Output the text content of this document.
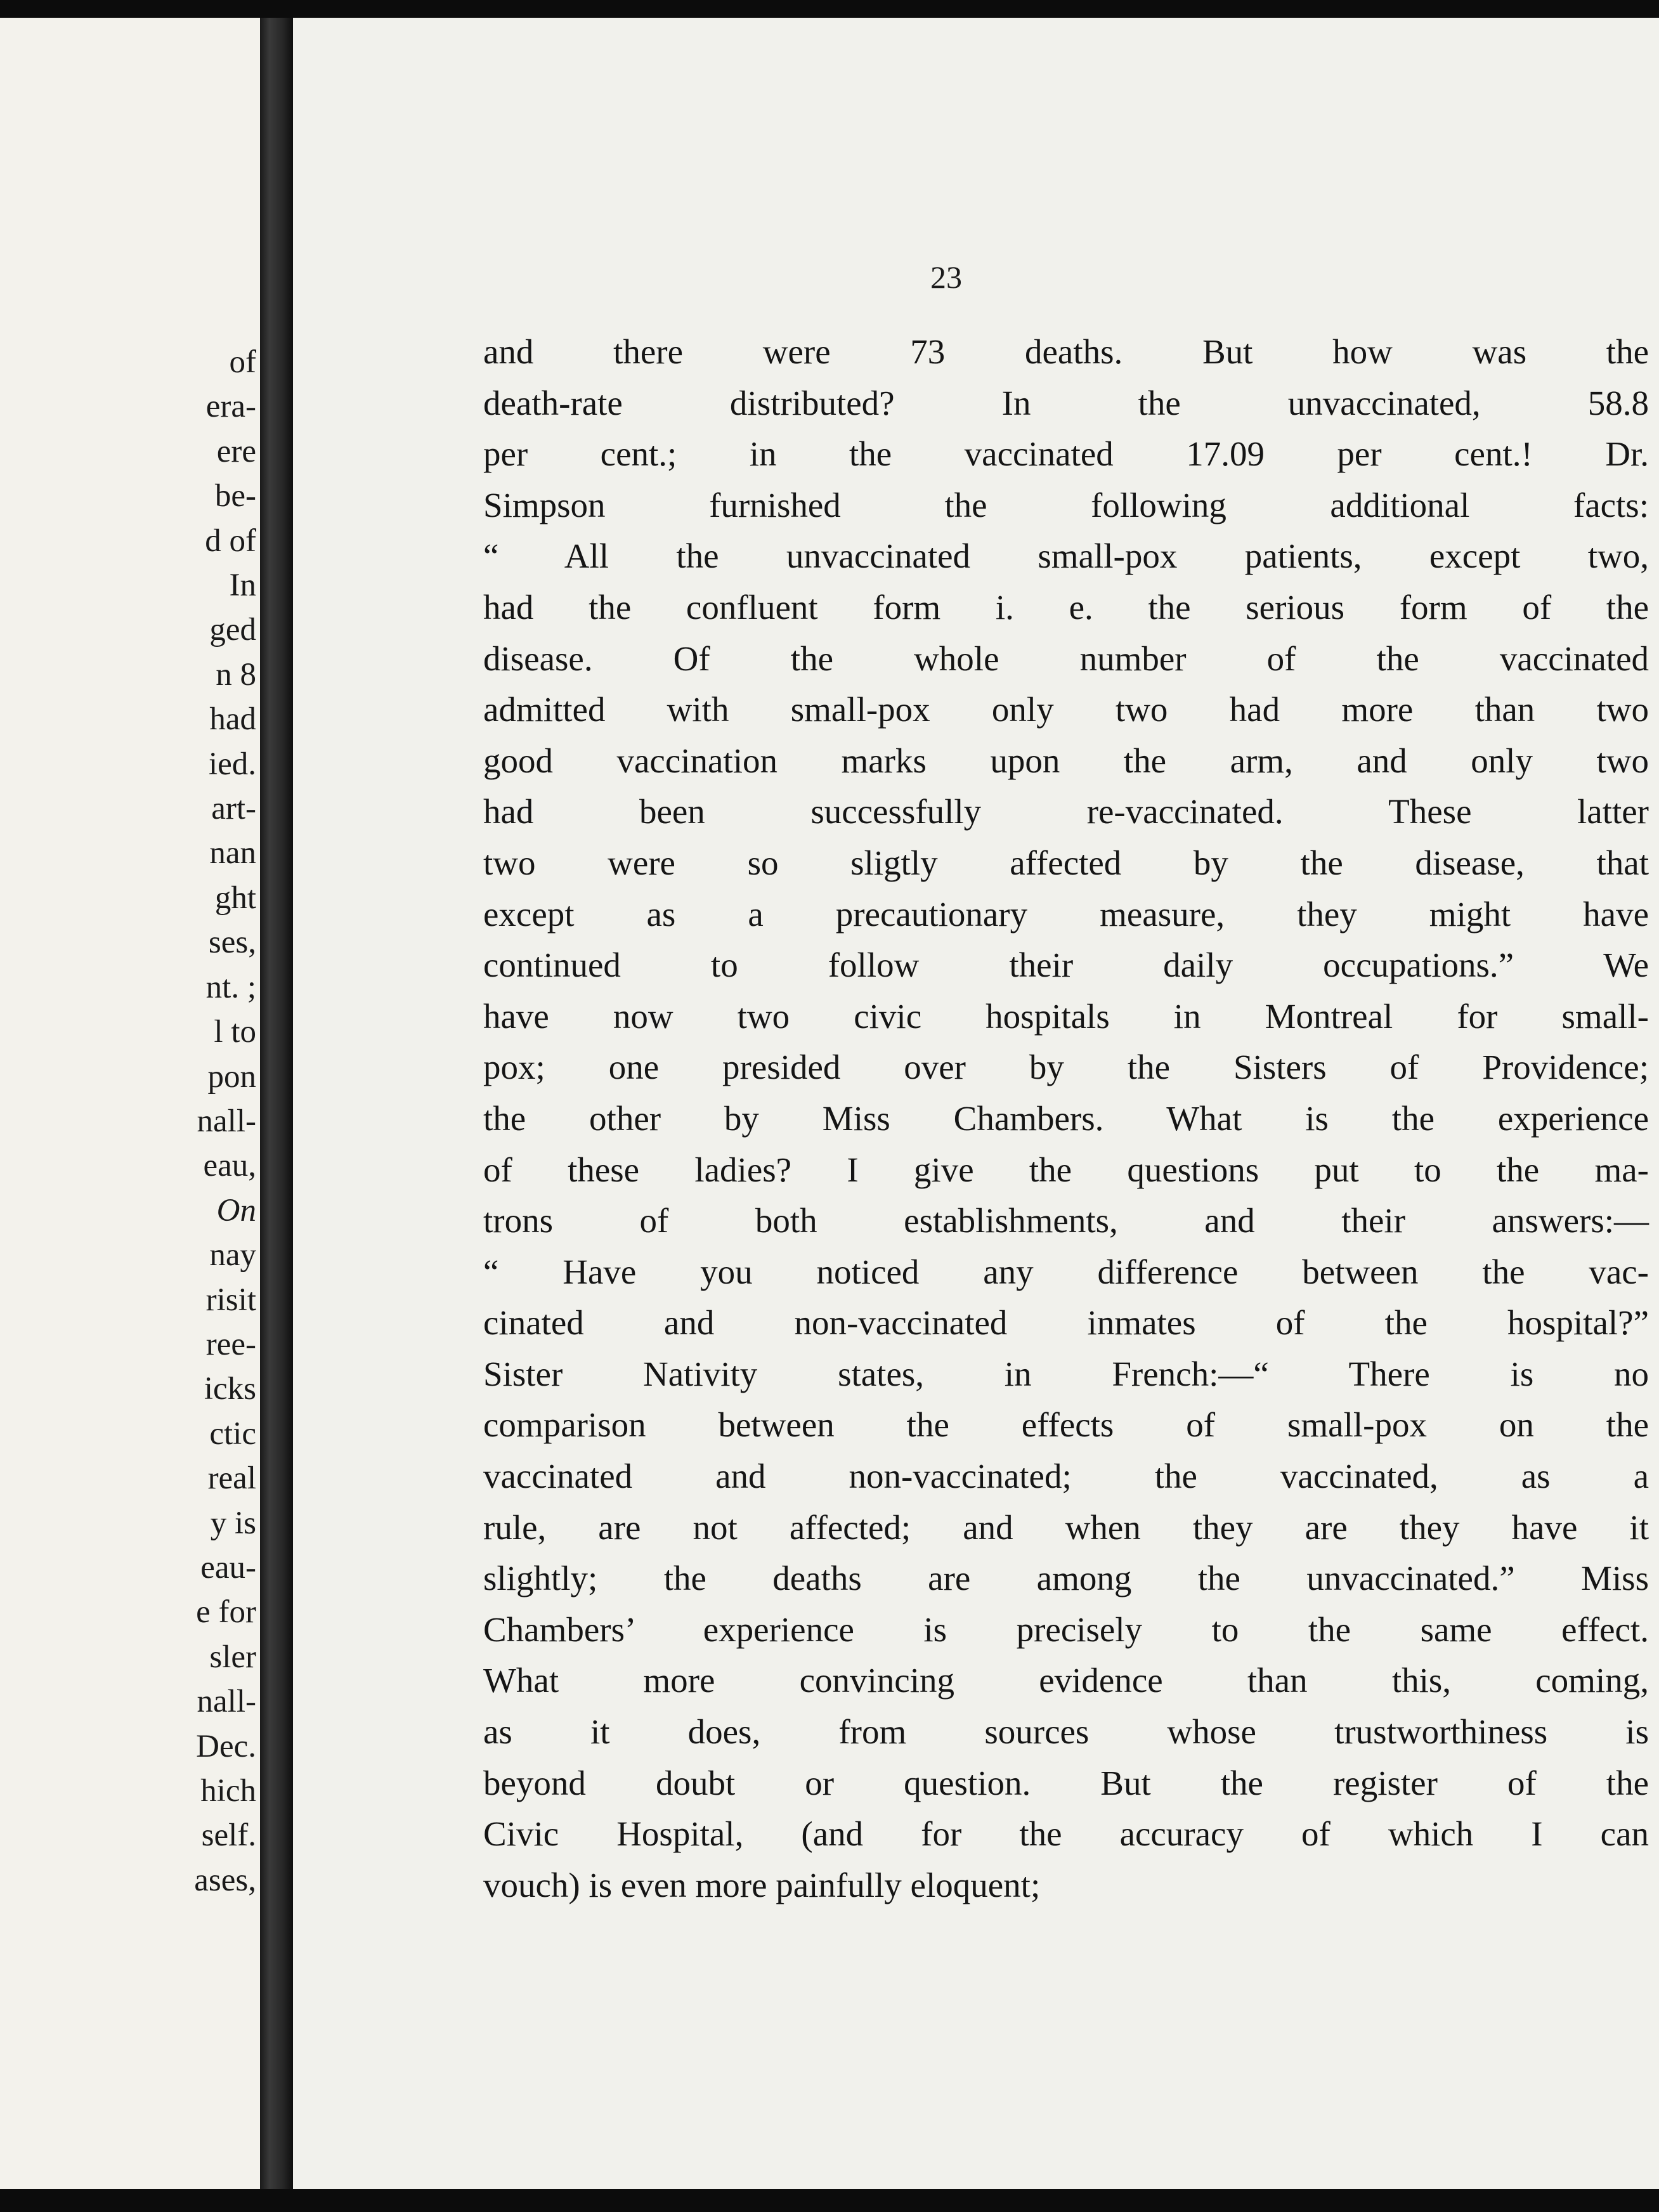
of
era-
ere
be-
d of
In
ged
n 8
had
ied.
art-
nan
ght
ses,
nt. ;
l to
pon
nall-
eau,
On
nay
risit
ree-
icks
ctic
real
y is
eau-
e for
sler
nall-
Dec.
hich
self.
ases,
23
and there were 73 deaths. But how was the
death-rate distributed? In the unvaccinated, 58.8
per cent.; in the vaccinated 17.09 per cent.! Dr.
Simpson furnished the following additional facts:
“ All the unvaccinated small-pox patients, except two,
had the confluent form i. e. the serious form of the
disease. Of the whole number of the vaccinated
admitted with small-pox only two had more than two
good vaccination marks upon the arm, and only two
had been successfully re-vaccinated. These latter
two were so sligtly affected by the disease, that
except as a precautionary measure, they might have
continued to follow their daily occupations.” We
have now two civic hospitals in Montreal for small-
pox; one presided over by the Sisters of Providence;
the other by Miss Chambers. What is the experience
of these ladies? I give the questions put to the ma-
trons of both establishments, and their answers:—
“ Have you noticed any difference between the vac-
cinated and non-vaccinated inmates of the hospital?”
Sister Nativity states, in French:—“ There is no
comparison between the effects of small-pox on the
vaccinated and non-vaccinated; the vaccinated, as a
rule, are not affected; and when they are they have it
slightly; the deaths are among the unvaccinated.” Miss
Chambers’ experience is precisely to the same effect.
What more convincing evidence than this, coming,
as it does, from sources whose trustworthiness is
beyond doubt or question. But the register of the
Civic Hospital, (and for the accuracy of which I can
vouch) is even more painfully eloquent;
